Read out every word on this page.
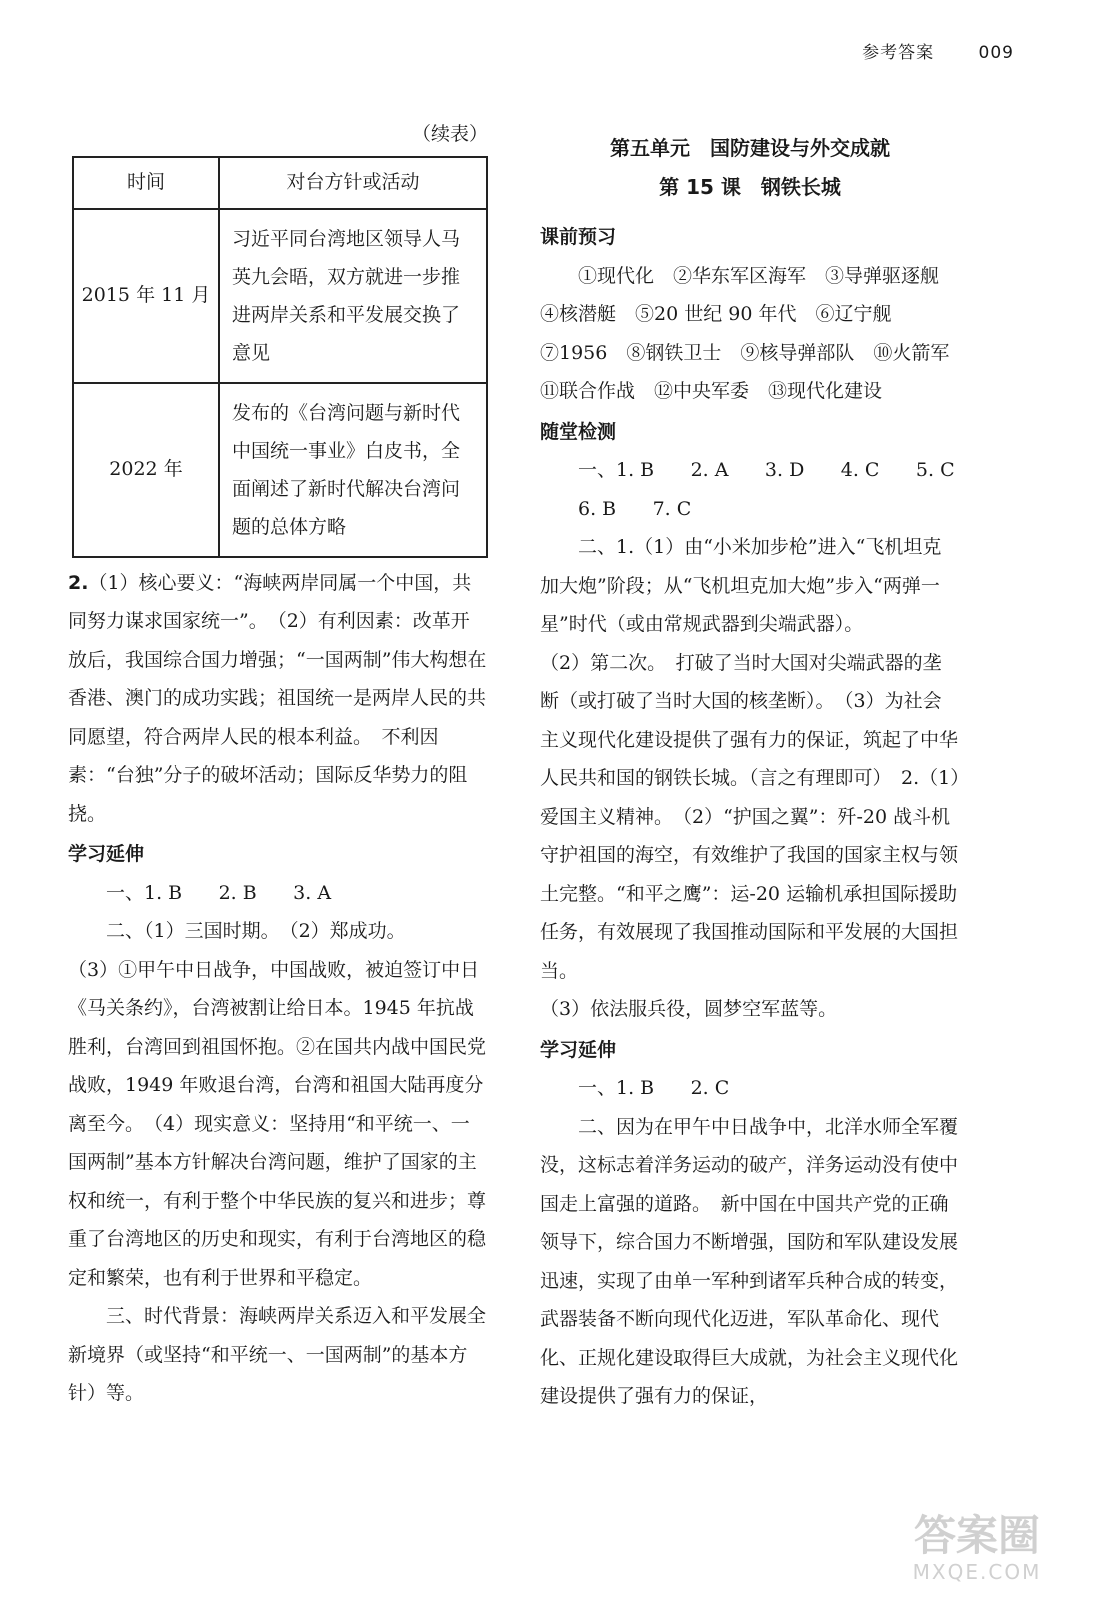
参考答案	009

（续表）

时间	对台方针或活动
2015 年 11 月	习近平同台湾地区领导人马英九会晤，双方就进一步推进两岸关系和平发展交换了意见
2022 年	发布的《台湾问题与新时代中国统一事业》白皮书，全面阐述了新时代解决台湾问题的总体方略

2.（1）核心要义：“海峡两岸同属一个中国，共同努力谋求国家统一”。　（2）有利因素：改革开放后，我国综合国力增强；“一国两制”伟大构想在香港、澳门的成功实践；祖国统一是两岸人民的共同愿望，符合两岸人民的根本利益。　不利因素：“台独”分子的破坏活动；国际反华势力的阻挠。

学习延伸

一、1. B 2. B 3. A

二、（1）三国时期。　（2）郑成功。

（3）①甲午中日战争，中国战败，被迫签订中日《马关条约》，台湾被割让给日本。1945 年抗战胜利，台湾回到祖国怀抱。②在国共内战中国民党战败，1949 年败退台湾，台湾和祖国大陆再度分离至今。　（4）现实意义：坚持用“和平统一、一国两制”基本方针解决台湾问题，维护了国家的主权和统一，有利于整个中华民族的复兴和进步；尊重了台湾地区的历史和现实，有利于台湾地区的稳定和繁荣，也有利于世界和平稳定。

三、时代背景：海峡两岸关系迈入和平发展全新境界（或坚持“和平统一、一国两制”的基本方针）等。

第五单元　国防建设与外交成就

第 15 课　钢铁长城

课前预习

①现代化　②华东军区海军　③导弹驱逐舰　④核潜艇　⑤20 世纪 90 年代　⑥辽宁舰　⑦1956　⑧钢铁卫士　⑨核导弹部队　⑩火箭军　⑪联合作战　⑫中央军委　⑬现代化建设

随堂检测

一、1. B 2. A 3. D 4. C 5. C

6. B 7. C

二、1.（1）由“小米加步枪”进入“飞机坦克加大炮”阶段；从“飞机坦克加大炮”步入“两弹一星”时代（或由常规武器到尖端武器）。

（2）第二次。　打破了当时大国对尖端武器的垄断（或打破了当时大国的核垄断）。　（3）为社会主义现代化建设提供了强有力的保证，筑起了中华人民共和国的钢铁长城。（言之有理即可）　2.（1）爱国主义精神。　（2）“护国之翼”：歼-20 战斗机守护祖国的海空，有效维护了我国的国家主权与领土完整。“和平之鹰”：运-20 运输机承担国际援助任务，有效展现了我国推动国际和平发展的大国担当。

（3）依法服兵役，圆梦空军蓝等。

学习延伸

一、1. B 2. C

二、因为在甲午中日战争中，北洋水师全军覆没，这标志着洋务运动的破产，洋务运动没有使中国走上富强的道路。　新中国在中国共产党的正确领导下，综合国力不断增强，国防和军队建设发展迅速，实现了由单一军种到诸军兵种合成的转变，武器装备不断向现代化迈进，军队革命化、现代化、正规化建设取得巨大成就，为社会主义现代化建设提供了强有力的保证，

答案圈
MXQE.COM
